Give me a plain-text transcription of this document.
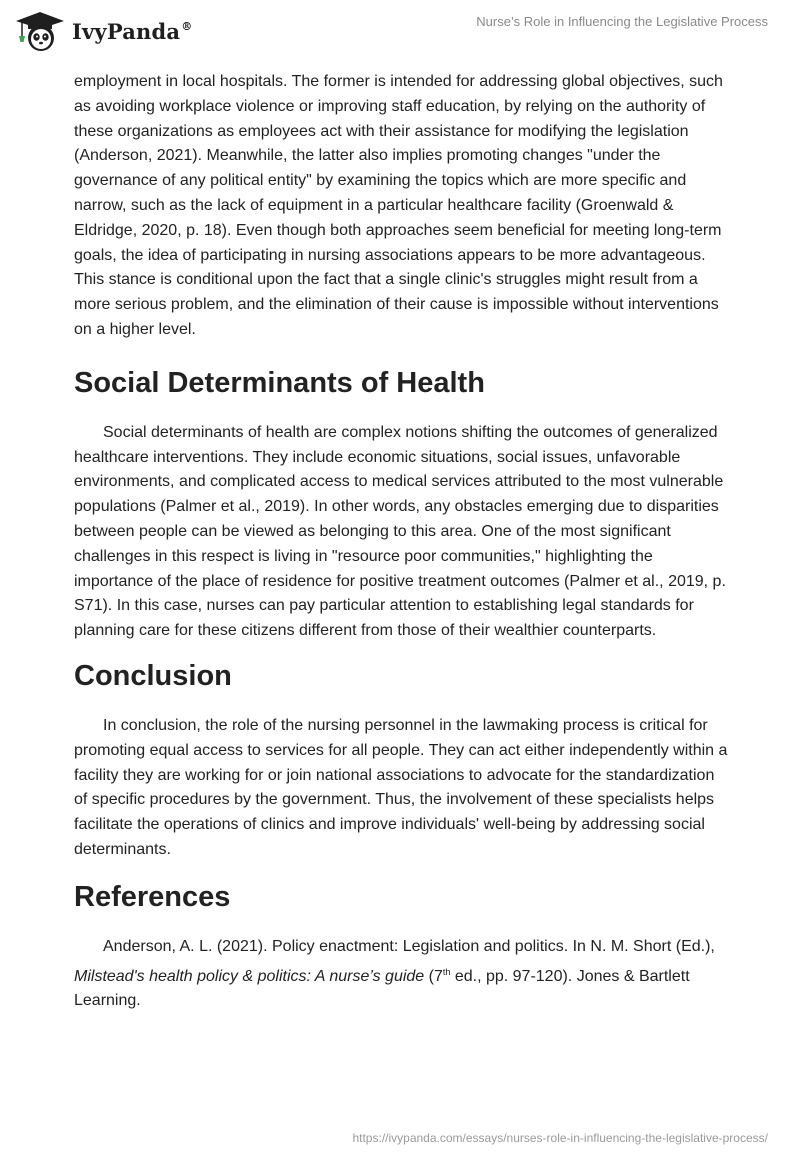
IvyPanda®	Nurse’s Role in Influencing the Legislative Process

employment in local hospitals. The former is intended for addressing global objectives, such as avoiding workplace violence or improving staff education, by relying on the authority of these organizations as employees act with their assistance for modifying the legislation (Anderson, 2021). Meanwhile, the latter also implies promoting changes "under the governance of any political entity" by examining the topics which are more specific and narrow, such as the lack of equipment in a particular healthcare facility (Groenwald & Eldridge, 2020, p. 18). Even though both approaches seem beneficial for meeting long-term goals, the idea of participating in nursing associations appears to be more advantageous. This stance is conditional upon the fact that a single clinic's struggles might result from a more serious problem, and the elimination of their cause is impossible without interventions on a higher level.

Social Determinants of Health

Social determinants of health are complex notions shifting the outcomes of generalized healthcare interventions. They include economic situations, social issues, unfavorable environments, and complicated access to medical services attributed to the most vulnerable populations (Palmer et al., 2019). In other words, any obstacles emerging due to disparities between people can be viewed as belonging to this area. One of the most significant challenges in this respect is living in "resource poor communities," highlighting the importance of the place of residence for positive treatment outcomes (Palmer et al., 2019, p. S71). In this case, nurses can pay particular attention to establishing legal standards for planning care for these citizens different from those of their wealthier counterparts.

Conclusion

In conclusion, the role of the nursing personnel in the lawmaking process is critical for promoting equal access to services for all people. They can act either independently within a facility they are working for or join national associations to advocate for the standardization of specific procedures by the government. Thus, the involvement of these specialists helps facilitate the operations of clinics and improve individuals' well-being by addressing social determinants.

References

Anderson, A. L. (2021). Policy enactment: Legislation and politics. In N. M. Short (Ed.), Milstead's health policy & politics: A nurse’s guide (7th ed., pp. 97-120). Jones & Bartlett Learning.

https://ivypanda.com/essays/nurses-role-in-influencing-the-legislative-process/
